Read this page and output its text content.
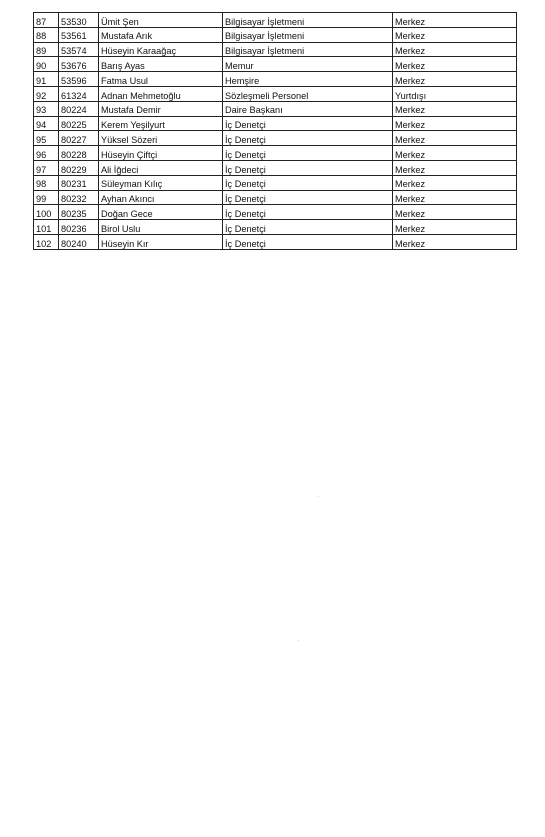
87	53530	Ümit Şen	Bilgisayar İşletmeni	Merkez
88	53561	Mustafa Arık	Bilgisayar İşletmeni	Merkez
89	53574	Hüseyin Karaağaç	Bilgisayar İşletmeni	Merkez
90	53676	Barış Ayas	Memur	Merkez
91	53596	Fatma Usul	Hemşire	Merkez
92	61324	Adnan Mehmetoğlu	Sözleşmeli Personel	Yurtdışı
93	80224	Mustafa Demir	Daire Başkanı	Merkez
94	80225	Kerem Yeşilyurt	İç Denetçi	Merkez
95	80227	Yüksel Sözeri	İç Denetçi	Merkez
96	80228	Hüseyin Çiftçi	İç Denetçi	Merkez
97	80229	Ali İğdeci	İç Denetçi	Merkez
98	80231	Süleyman Kılıç	İç Denetçi	Merkez
99	80232	Ayhan Akıncı	İç Denetçi	Merkez
100	80235	Doğan Gece	İç Denetçi	Merkez
101	80236	Birol Uslu	İç Denetçi	Merkez
102	80240	Hüseyin Kır	İç Denetçi	Merkez
